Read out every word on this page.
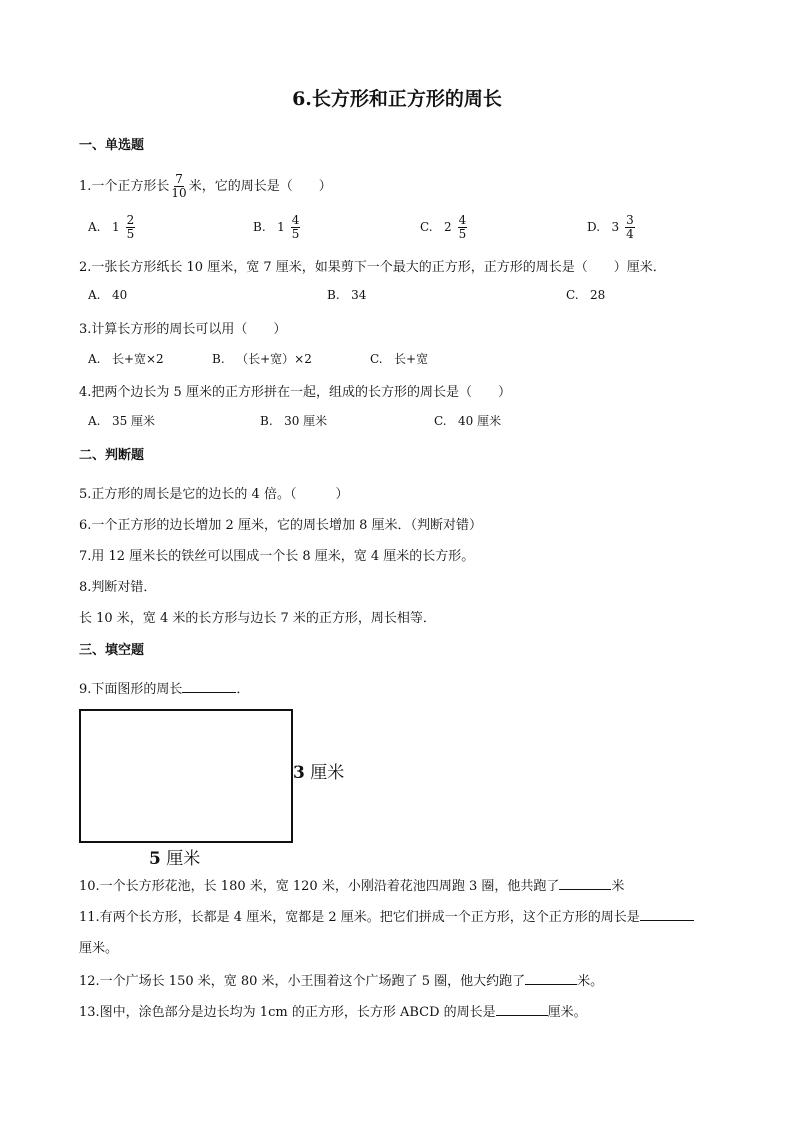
6.长方形和正方形的周长
一、单选题
1.一个正方形长 $\frac{7}{10}$ 米，它的周长是（　　）
A. $1 \frac{2}{5}$	B. $1 \frac{4}{5}$	C. $2 \frac{4}{5}$	D. $3 \frac{3}{4}$
2.一张长方形纸长 10 厘米，宽 7 厘米，如果剪下一个最大的正方形，正方形的周长是（　　）厘米．
A. 40	B. 34	C. 28
3.计算长方形的周长可以用（　　）
A. 长+宽×2	B. （长+宽）×2	C. 长+宽
4.把两个边长为 5 厘米的正方形拼在一起，组成的长方形的周长是（　　）
A. 35 厘米	B. 30 厘米	C. 40 厘米
二、判断题
5.正方形的周长是它的边长的 4 倍。（　　　）
6.一个正方形的边长增加 2 厘米，它的周长增加 8 厘米．（判断对错）
7.用 12 厘米长的铁丝可以围成一个长 8 厘米，宽 4 厘米的长方形。
8.判断对错．
长 10 米，宽 4 米的长方形与边长 7 米的正方形，周长相等．
三、填空题
9.下面图形的周长	．
3 厘米
5 厘米
10.一个长方形花池，长 180 米，宽 120 米，小刚沿着花池四周跑 3 圈，他共跑了	米
11.有两个长方形，长都是 4 厘米，宽都是 2 厘米。把它们拼成一个正方形，这个正方形的周长是
厘米。
12.一个广场长 150 米，宽 80 米，小王围着这个广场跑了 5 圈，他大约跑了	米。
13.图中，涂色部分是边长均为 1cm 的正方形，长方形 ABCD 的周长是	厘米。
